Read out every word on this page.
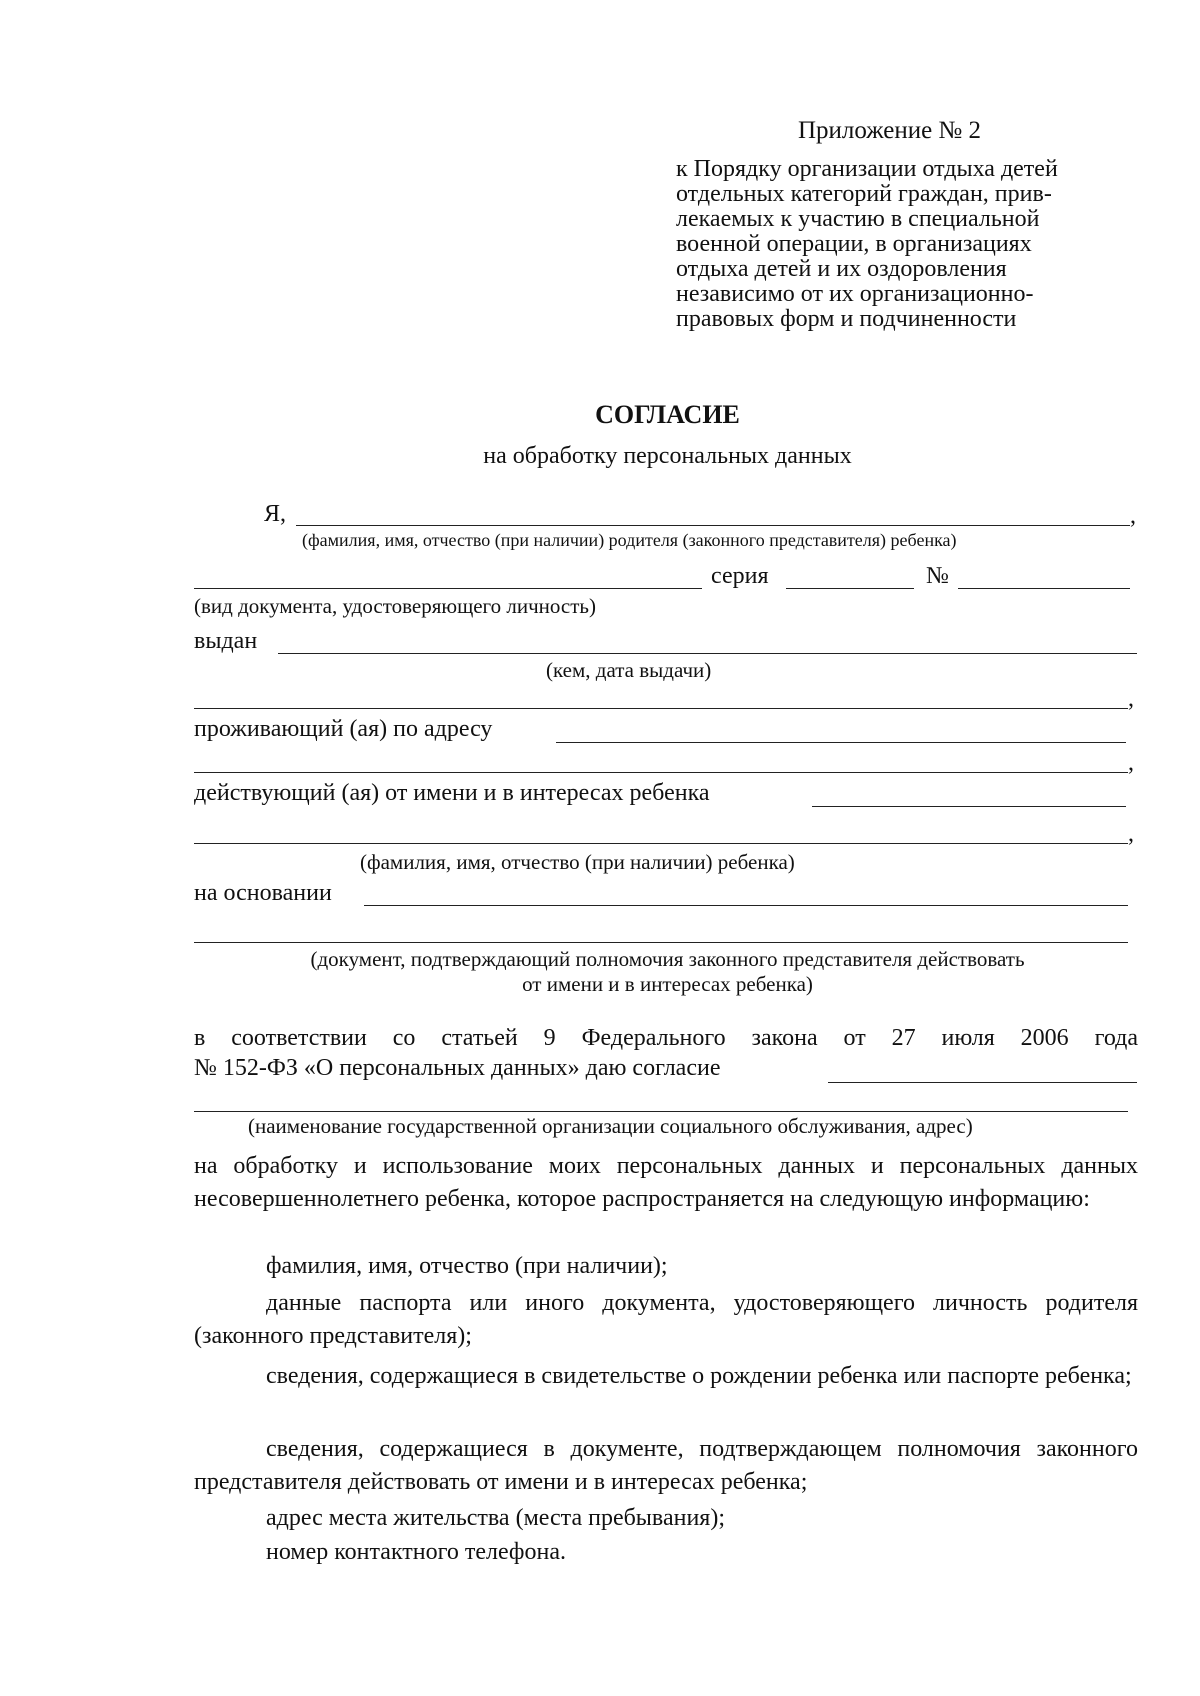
Приложение № 2
к Порядку организации отдыха детей
отдельных категорий граждан, прив-
лекаемых к участию в специальной
военной операции, в организациях
отдыха детей и их оздоровления
независимо от их организационно-
правовых форм и подчиненности
СОГЛАСИЕ
на обработку персональных данных
Я,	,
(фамилия, имя, отчество (при наличии) родителя (законного представителя) ребенка)
серия	№
(вид документа, удостоверяющего личность)
выдан
(кем, дата выдачи)
,
проживающий (ая) по адресу
,
действующий (ая) от имени и в интересах ребенка
,
(фамилия, имя, отчество (при наличии) ребенка)
на основании
(документ, подтверждающий полномочия законного представителя действовать
от имени и в интересах ребенка)
в соответствии со статьей 9 Федерального закона от 27 июля 2006 года
№ 152-ФЗ «О персональных данных» даю согласие
(наименование государственной организации социального обслуживания, адрес)
на обработку и использование моих персональных данных и персональных данных несовершеннолетнего ребенка, которое распространяется на следующую информацию:
фамилия, имя, отчество (при наличии);
данные паспорта или иного документа, удостоверяющего личность родителя (законного представителя);
сведения, содержащиеся в свидетельстве о рождении ребенка или паспорте ребенка;
сведения, содержащиеся в документе, подтверждающем полномочия законного представителя действовать от имени и в интересах ребенка;
адрес места жительства (места пребывания);
номер контактного телефона.
